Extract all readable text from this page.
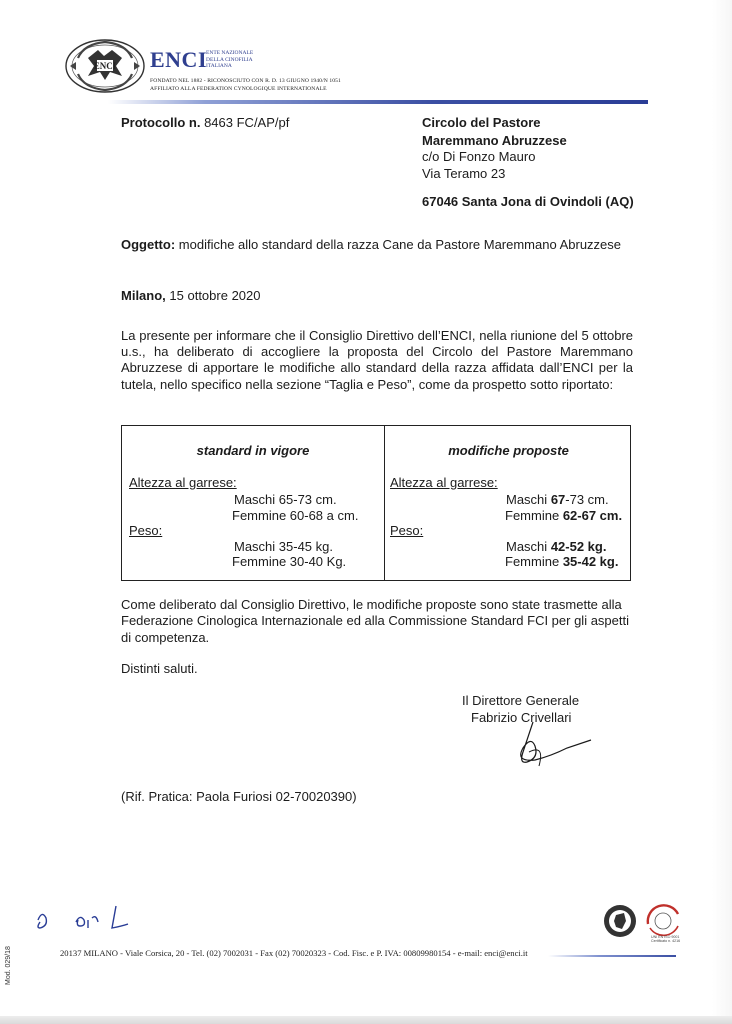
ENCI ENCI
ENTE NAZIONALE
DELLA CINOFILIA
ITALIANA
FONDATO NEL 1882 - RICONOSCIUTO CON R. D. 13 GIUGNO 1940/N 1051
AFFILIATO ALLA FEDERATION CYNOLOGIQUE INTERNATIONALE
Protocollo n. 8463 FC/AP/pf	Circolo del Pastore
Maremmano Abruzzese
c/o Di Fonzo Mauro
Via Teramo 23
67046 Santa Jona di Ovindoli (AQ)
Oggetto: modifiche allo standard della razza Cane da Pastore Maremmano Abruzzese
Milano, 15 ottobre 2020

La presente per informare che il Consiglio Direttivo dell’ENCI, nella riunione del 5 ottobre u.s., ha deliberato di accogliere la proposta del Circolo del Pastore Maremmano Abruzzese di apportare le modifiche allo standard della razza affidata dall’ENCI per la tutela, nello specifico nella sezione “Taglia e Peso”, come da prospetto sotto riportato:

standard in vigore
Altezza al garrese:
Maschi 65-73 cm.
Femmine 60-68 a cm.
Peso:
Maschi 35-45 kg.
Femmine 30-40 Kg.
modifiche proposte
Altezza al garrese:
Maschi 67-73 cm.
Femmine 62-67 cm.
Peso:
Maschi 42-52 kg.
Femmine 35-42 kg.

Come deliberato dal Consiglio Direttivo, le modifiche proposte sono state trasmette alla Federazione Cinologica Internazionale ed alla Commissione Standard FCI per gli aspetti di competenza.

Distinti saluti.
Il Direttore Generale
Fabrizio Crivellari
(Rif. Pratica: Paola Furiosi 02-70020390)
Mod. 029/18	20137 MILANO - Viale Corsica, 20 - Tel. (02) 7002031 - Fax (02) 70020323 - Cod. Fisc. e P. IVA: 00809980154 - e-mail: enci@enci.it
UNI EN ISO 9001
Certificato n. 4216
